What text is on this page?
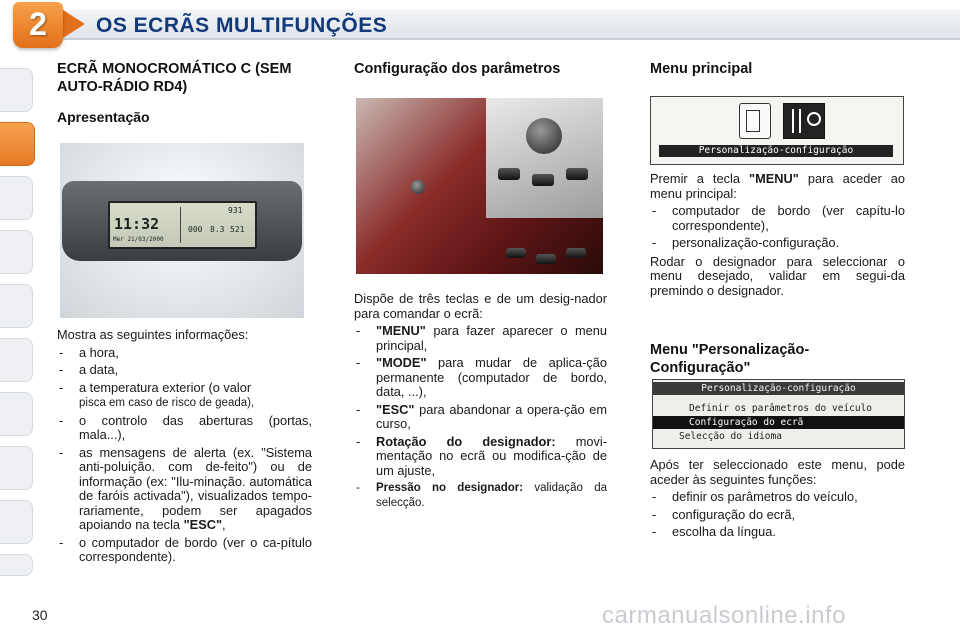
2	OS ECRÃS MULTIFUNÇÕES
ECRÃ MONOCROMÁTICO C (SEM AUTO-RÁDIO RD4)
Apresentação
11:32
Mer 21/03/2000
931
000 8.3 521

Mostra as seguintes informações:

- a hora,
- a data,
- a temperatura exterior (o valor
pisca em caso de risco de geada),
- o controlo das aberturas (portas, mala...),
- as mensagens de alerta (ex. "Sistema anti-poluição. com de-feito") ou de informação (ex: "Ilu-minação. automática de faróis activada"), visualizados tempo-rariamente, podem ser apagados apoiando na tecla "ESC",
- o computador de bordo (ver o ca-pítulo correspondente).
Configuração dos parâmetros

Dispõe de três teclas e de um desig-nador para comandar o ecrã:

- "MENU" para fazer aparecer o menu principal,
- "MODE" para mudar de aplica-ção permanente (computador de bordo, data, ...),
- "ESC" para abandonar a opera-ção em curso,
- Rotação do designador: movi-mentação no ecrã ou modifica-ção de um ajuste,
- Pressão no designador: validação da selecção.
Menu principal
Personalização-configuração

Premir a tecla "MENU" para aceder ao menu principal:

- computador de bordo (ver capítu-lo correspondente),
- personalização-configuração.

Rodar o designador para seleccionar o menu desejado, validar em segui-da premindo o designador.

Menu "Personalização-Configuração"
Personalização-configuração
Definir os parâmetros do veículo
Configuração do ecrã
Selecção do idioma

Após ter seleccionado este menu, pode aceder às seguintes funções:

- definir os parâmetros do veículo,
- configuração do ecrã,
- escolha da língua.
30	carmanualsonline.info
